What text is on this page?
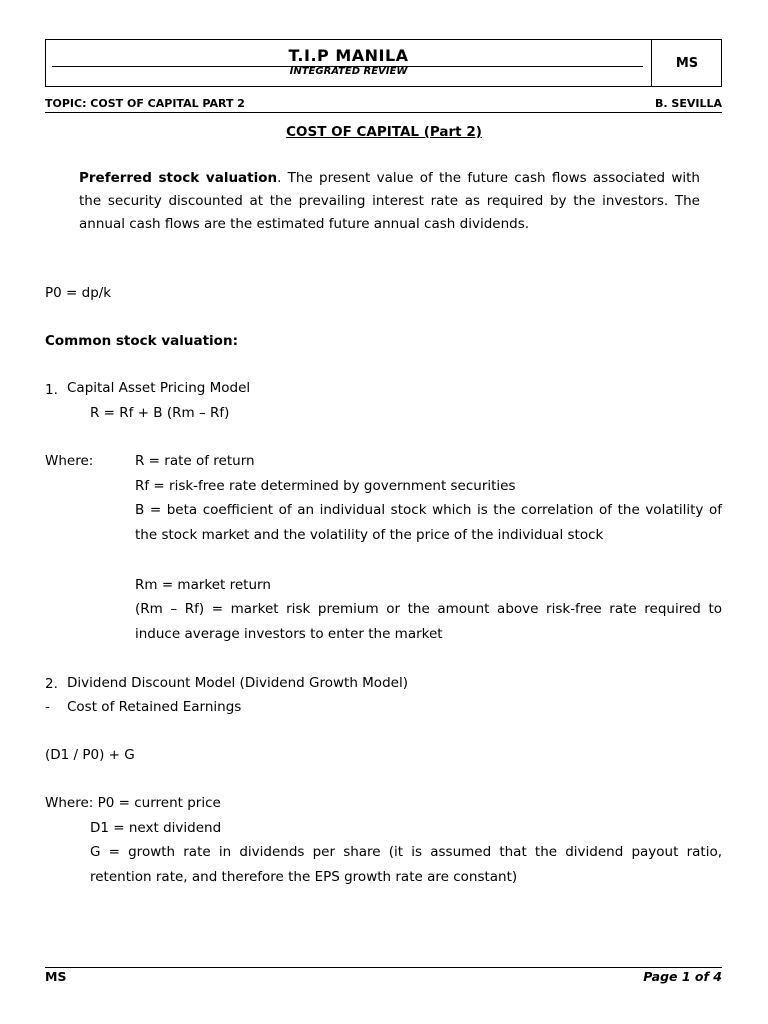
T.I.P MANILA
INTEGRATED REVIEW
MS
TOPIC: COST OF CAPITAL PART 2	B. SEVILLA
COST OF CAPITAL (Part 2)
Preferred stock valuation. The present value of the future cash flows associated with the security discounted at the prevailing interest rate as required by the investors. The annual cash flows are the estimated future annual cash dividends.
P0 = dp/k
Common stock valuation:
1. Capital Asset Pricing Model
R = Rf + B (Rm – Rf)
Where:	R = rate of return
Rf = risk-free rate determined by government securities
B = beta coefficient of an individual stock which is the correlation of the volatility of the stock market and the volatility of the price of the individual stock
Rm = market return
(Rm – Rf) = market risk premium or the amount above risk-free rate required to induce average investors to enter the market
2. Dividend Discount Model (Dividend Growth Model)
- Cost of Retained Earnings
(D1 / P0) + G
Where: P0 = current price
D1 = next dividend
G = growth rate in dividends per share (it is assumed that the dividend payout ratio, retention rate, and therefore the EPS growth rate are constant)
MS	Page 1 of 4
